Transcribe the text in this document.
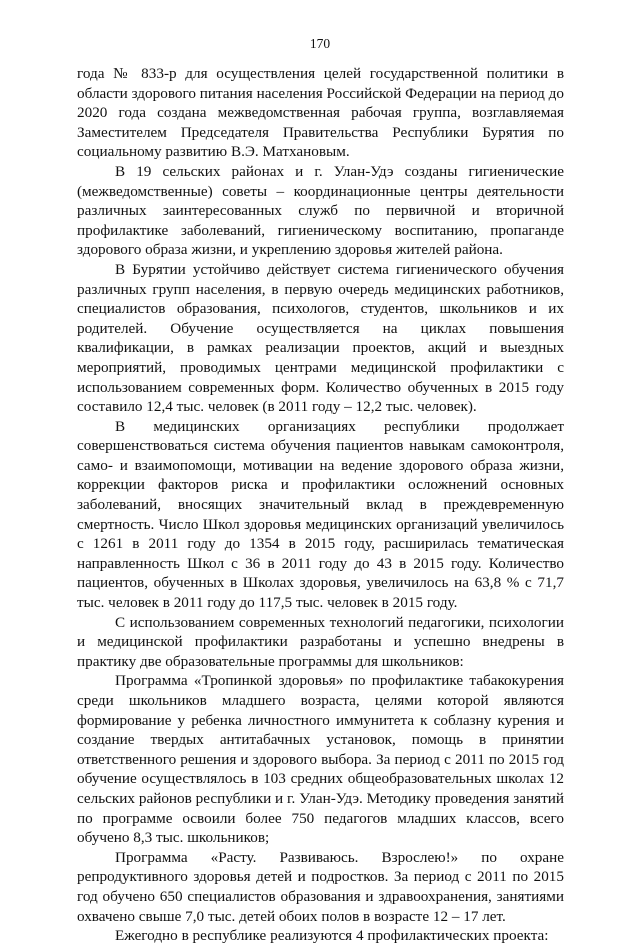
170

года № 833-р для осуществления целей государственной политики в области здорового питания населения Российской Федерации на период до 2020 года создана межведомственная рабочая группа, возглавляемая Заместителем Председателя Правительства Республики Бурятия по социальному развитию В.Э. Матхановым.

В 19 сельских районах и г. Улан-Удэ созданы гигиенические (межведомственные) советы – координационные центры деятельности различных заинтересованных служб по первичной и вторичной профилактике заболеваний, гигиеническому воспитанию, пропаганде здорового образа жизни, и укреплению здоровья жителей района.

В Бурятии устойчиво действует система гигиенического обучения различных групп населения, в первую очередь медицинских работников, специалистов образования, психологов, студентов, школьников и их родителей. Обучение осуществляется на циклах повышения квалификации, в рамках реализации проектов, акций и выездных мероприятий, проводимых центрами медицинской профилактики с использованием современных форм. Количество обученных в 2015 году составило 12,4 тыс. человек (в 2011 году – 12,2 тыс. человек).

В медицинских организациях республики продолжает совершенствоваться система обучения пациентов навыкам самоконтроля, само- и взаимопомощи, мотивации на ведение здорового образа жизни, коррекции факторов риска и профилактики осложнений основных заболеваний, вносящих значительный вклад в преждевременную смертность. Число Школ здоровья медицинских организаций увеличилось с 1261 в 2011 году до 1354 в 2015 году, расширилась тематическая направленность Школ с 36 в 2011 году до 43 в 2015 году. Количество пациентов, обученных в Школах здоровья, увеличилось на 63,8 % с 71,7 тыс. человек в 2011 году до 117,5 тыс. человек в 2015 году.

С использованием современных технологий педагогики, психологии и медицинской профилактики разработаны и успешно внедрены в практику две образовательные программы для школьников:

Программа «Тропинкой здоровья» по профилактике табакокурения среди школьников младшего возраста, целями которой являются формирование у ребенка личностного иммунитета к соблазну курения и создание твердых антитабачных установок, помощь в принятии ответственного решения и здорового выбора. За период с 2011 по 2015 год обучение осуществлялось в 103 средних общеобразовательных школах 12 сельских районов республики и г. Улан-Удэ. Методику проведения занятий по программе освоили более 750 педагогов младших классов, всего обучено 8,3 тыс. школьников;

Программа «Расту. Развиваюсь. Взрослею!» по охране репродуктивного здоровья детей и подростков. За период с 2011 по 2015 год обучено 650 специалистов образования и здравоохранения, занятиями охвачено свыше 7,0 тыс. детей обоих полов в возрасте 12 – 17 лет.

Ежегодно в республике реализуются 4 профилактических проекта:
